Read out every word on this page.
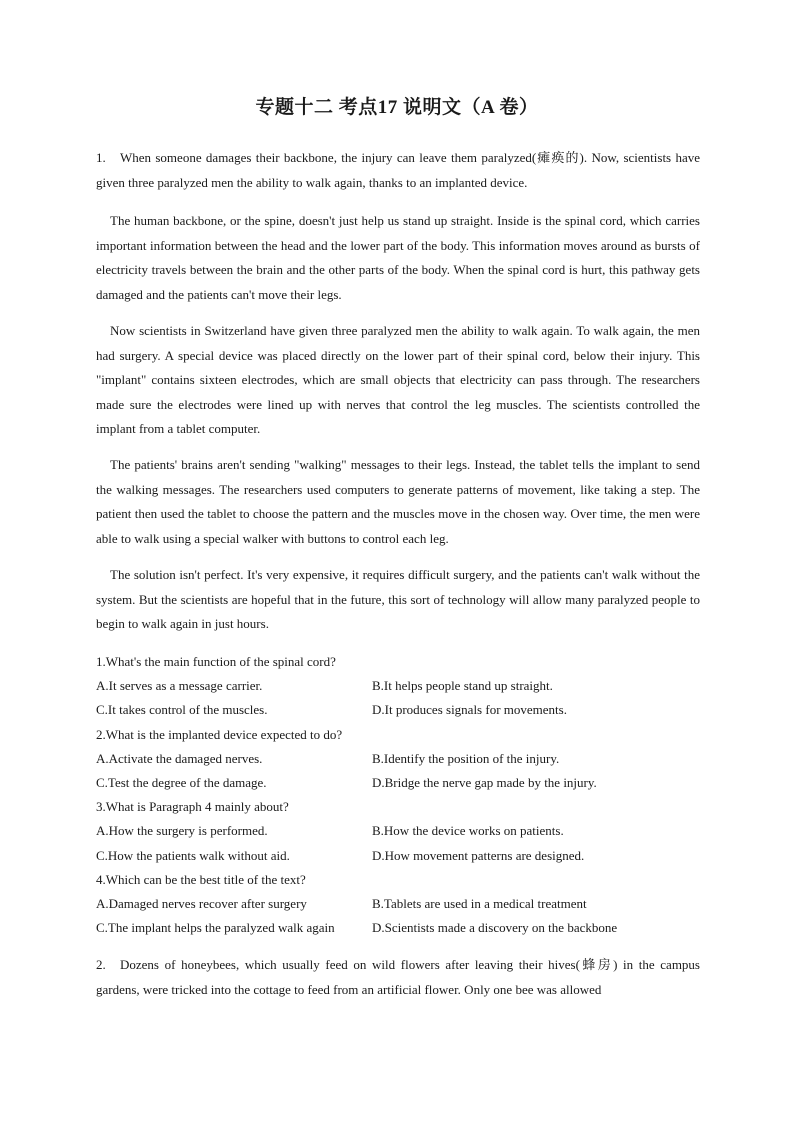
专题十二 考点17 说明文（A 卷）

1. When someone damages their backbone, the injury can leave them paralyzed(瘫痪的). Now, scientists have given three paralyzed men the ability to walk again, thanks to an implanted device.

The human backbone, or the spine, doesn't just help us stand up straight. Inside is the spinal cord, which carries important information between the head and the lower part of the body. This information moves around as bursts of electricity travels between the brain and the other parts of the body. When the spinal cord is hurt, this pathway gets damaged and the patients can't move their legs.

Now scientists in Switzerland have given three paralyzed men the ability to walk again. To walk again, the men had surgery. A special device was placed directly on the lower part of their spinal cord, below their injury. This "implant" contains sixteen electrodes, which are small objects that electricity can pass through. The researchers made sure the electrodes were lined up with nerves that control the leg muscles. The scientists controlled the implant from a tablet computer.

The patients' brains aren't sending "walking" messages to their legs. Instead, the tablet tells the implant to send the walking messages. The researchers used computers to generate patterns of movement, like taking a step. The patient then used the tablet to choose the pattern and the muscles move in the chosen way. Over time, the men were able to walk using a special walker with buttons to control each leg.

The solution isn't perfect. It's very expensive, it requires difficult surgery, and the patients can't walk without the system. But the scientists are hopeful that in the future, this sort of technology will allow many paralyzed people to begin to walk again in just hours.

1.What's the main function of the spinal cord?
A.It serves as a message carrier.	B.It helps people stand up straight.
C.It takes control of the muscles.	D.It produces signals for movements.
2.What is the implanted device expected to do?
A.Activate the damaged nerves.	B.Identify the position of the injury.
C.Test the degree of the damage.	D.Bridge the nerve gap made by the injury.
3.What is Paragraph 4 mainly about?
A.How the surgery is performed.	B.How the device works on patients.
C.How the patients walk without aid.	D.How movement patterns are designed.
4.Which can be the best title of the text?
A.Damaged nerves recover after surgery	B.Tablets are used in a medical treatment
C.The implant helps the paralyzed walk again	D.Scientists made a discovery on the backbone

2. Dozens of honeybees, which usually feed on wild flowers after leaving their hives(蜂房) in the campus gardens, were tricked into the cottage to feed from an artificial flower. Only one bee was allowed
